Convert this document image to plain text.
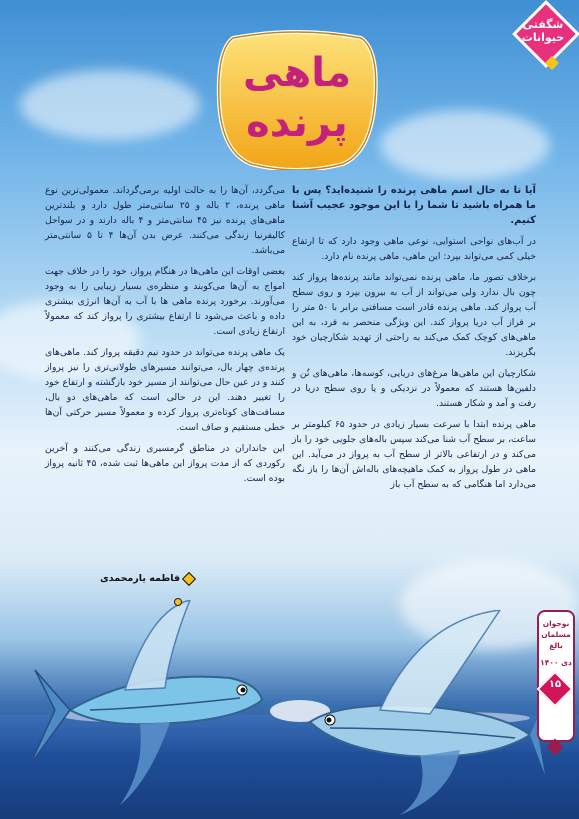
شگفتی
حیوانات
ماهی
پرنده

آیا تا به حال اسم ماهی پرنده را شنیده‌اید؟ پس با ما همراه باشید تا شما را با این موجود عجیب آشنا کنیم.

در آب‌های نواحی استوایی، نوعی ماهی وجود دارد که تا ارتفاع خیلی کمی می‌تواند بپرد: این ماهی، ماهی پرنده نام دارد.

برخلاف تصور ما، ماهی پرنده نمی‌تواند مانند پرنده‌ها پرواز کند چون بال ندارد ولی می‌تواند از آب به بیرون بپرد و روی سطح آب پرواز کند. ماهی پرنده قادر است مسافتی برابر با ۵۰ متر را بر فراز آب دریا پرواز کند. این ویژگی منحصر به فرد، به این ماهی‌های کوچک کمک می‌کند به راحتی از تهدید شکارچیان خود بگریزند.

شکارچیان این ماهی‌ها مرغ‌های دریایی، کوسه‌ها، ماهی‌های تُن و دلفین‌ها هستند که معمولاً در نزدیکی و یا روی سطح دریا در رفت و آمد و شکار هستند.

ماهی پرنده ابتدا با سرعت بسیار زیادی در حدود ۶۵ کیلومتر بر ساعت، بر سطح آب شنا می‌کند سپس باله‌های جلویی خود را باز می‌کند و در ارتفاعی بالاتر از سطح آب به پرواز در می‌آید. این ماهی در طول پرواز به کمک ماهیچه‌های باله‌اش آن‌ها را باز نگه می‌دارد اما هنگامی که به سطح آب باز

می‌گردد، آن‌ها را به حالت اولیه برمی‌گرداند. معمولی‌ترین نوع ماهی پرنده، ۲ باله و ۲۵ سانتی‌متر طول دارد و بلندترین ماهی‌های پرنده نیز ۴۵ سانتی‌متر و ۴ باله دارند و در سواحل کالیفرنیا زندگی می‌کنند. عرض بدن آن‌ها ۴ تا ۵ سانتی‌متر می‌باشد.

بعضی اوقات این ماهی‌ها در هنگام پرواز، خود را در خلاف جهت امواج به آن‌ها می‌کوبند و منظره‌ی بسیار زیبایی را به وجود می‌آورند. برخورد پرنده ماهی ها با آب به آن‌ها انرژی بیشتری داده و باعث می‌شود تا ارتفاع بیشتری را پرواز کند که معمولاً ارتفاع زیادی است.

یک ماهی پرنده می‌تواند در حدود نیم دقیقه پرواز کند. ماهی‌های پرنده‌ی چهار بال، می‌توانند مسیرهای طولانی‌تری را نیز پرواز کنند و در عین حال می‌توانند از مسیر خود بازگشته و ارتفاع خود را تغییر دهند. این در حالی است که ماهی‌های دو بال، مسافت‌های کوتاه‌تری پرواز کرده و معمولاً مسیر حرکتی آن‌ها خطی مستقیم و صاف است.

این جانداران در مناطق گرمسیری زندگی می‌کنند و آخرین رکوردی که از مدت پرواز این ماهی‌ها ثبت شده، ۴۵ ثانیه پرواز بوده است.

فاطمه یارمحمدی
نوجوان
مسلمان
بالغ
دی ۱۴۰۰
۱۵
